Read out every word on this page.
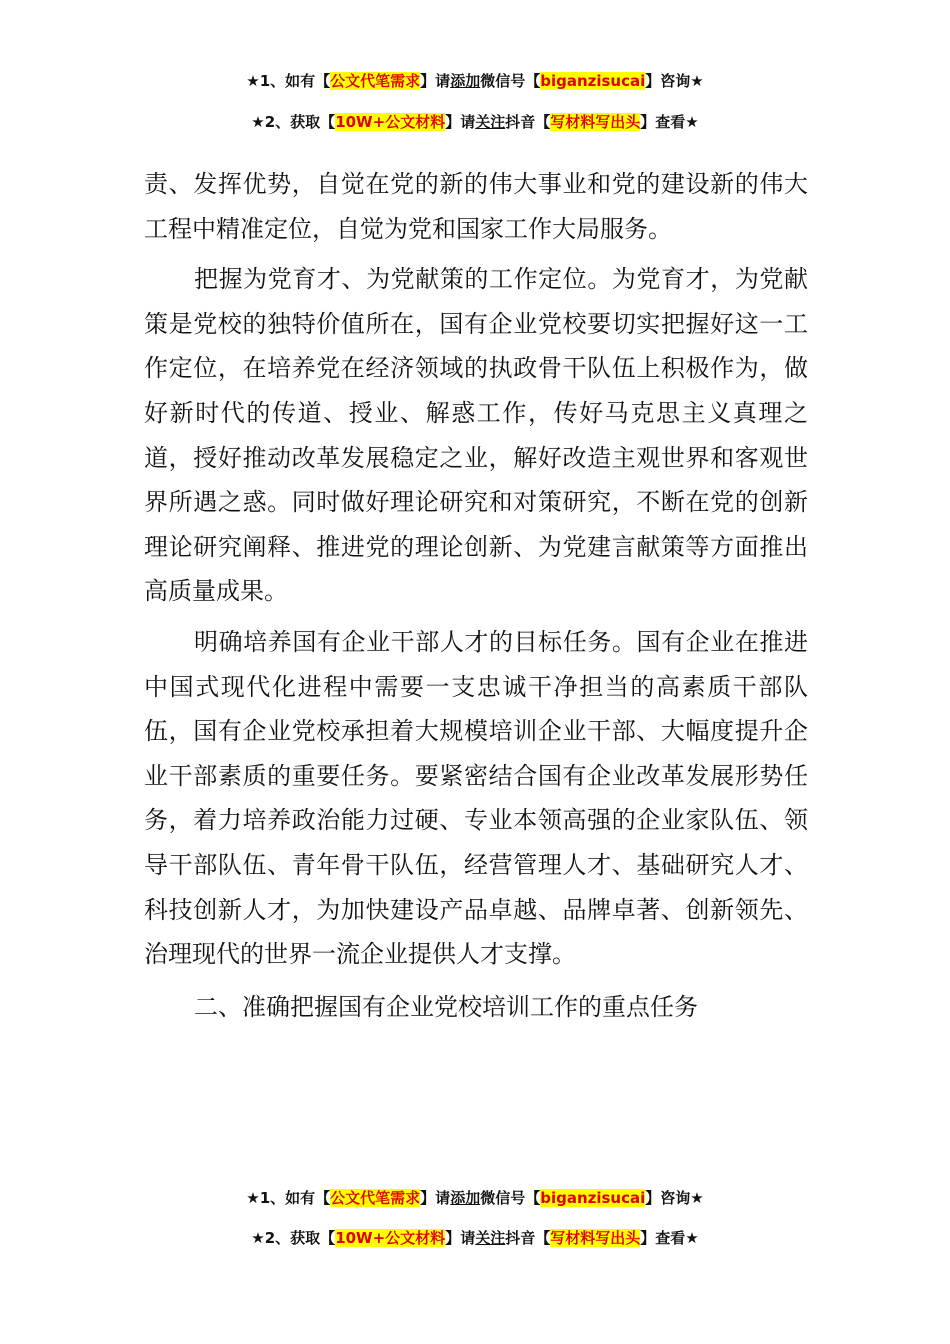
★1、如有【公文代笔需求】请添加微信号【biganzisucai】咨询★
★2、获取【10W+公文材料】请关注抖音【写材料写出头】查看★

责、发挥优势，自觉在党的新的伟大事业和党的建设新的伟大工程中精准定位，自觉为党和国家工作大局服务。

把握为党育才、为党献策的工作定位。为党育才，为党献策是党校的独特价值所在，国有企业党校要切实把握好这一工作定位，在培养党在经济领域的执政骨干队伍上积极作为，做好新时代的传道、授业、解惑工作，传好马克思主义真理之道，授好推动改革发展稳定之业，解好改造主观世界和客观世界所遇之惑。同时做好理论研究和对策研究，不断在党的创新理论研究阐释、推进党的理论创新、为党建言献策等方面推出高质量成果。

明确培养国有企业干部人才的目标任务。国有企业在推进中国式现代化进程中需要一支忠诚干净担当的高素质干部队伍，国有企业党校承担着大规模培训企业干部、大幅度提升企业干部素质的重要任务。要紧密结合国有企业改革发展形势任务，着力培养政治能力过硬、专业本领高强的企业家队伍、领导干部队伍、青年骨干队伍，经营管理人才、基础研究人才、科技创新人才，为加快建设产品卓越、品牌卓著、创新领先、治理现代的世界一流企业提供人才支撑。

二、准确把握国有企业党校培训工作的重点任务

★1、如有【公文代笔需求】请添加微信号【biganzisucai】咨询★
★2、获取【10W+公文材料】请关注抖音【写材料写出头】查看★
